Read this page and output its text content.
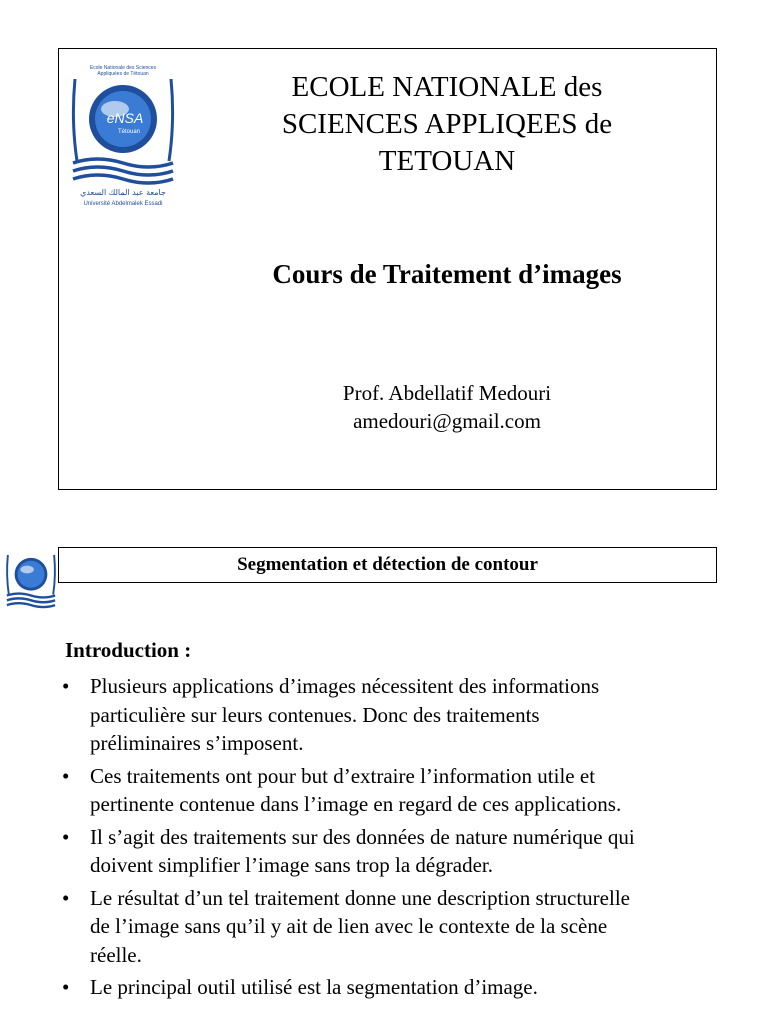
Ecole Nationale des Sciences
Appliquées de Tétouan
eNSA
Tétouan
جامعة عبد المالك السعدي
Université Abdelmalek Essadi
ECOLE NATIONALE des
SCIENCES APPLIQEES de
TETOUAN
Cours de Traitement d’images
Prof. Abdellatif Medouri
amedouri@gmail.com
Segmentation et détection de contour
Introduction :
• Plusieurs applications d’images nécessitent des informations
particulière sur leurs contenues. Donc des traitements
préliminaires s’imposent.
• Ces traitements ont pour but d’extraire l’information utile et
pertinente contenue dans l’image en regard de ces applications.
• Il s’agit des traitements sur des données de nature numérique qui
doivent simplifier l’image sans trop la dégrader.
• Le résultat d’un tel traitement donne une description structurelle
de l’image sans qu’il y ait de lien avec le contexte de la scène
réelle.
• Le principal outil utilisé est la segmentation d’image.
